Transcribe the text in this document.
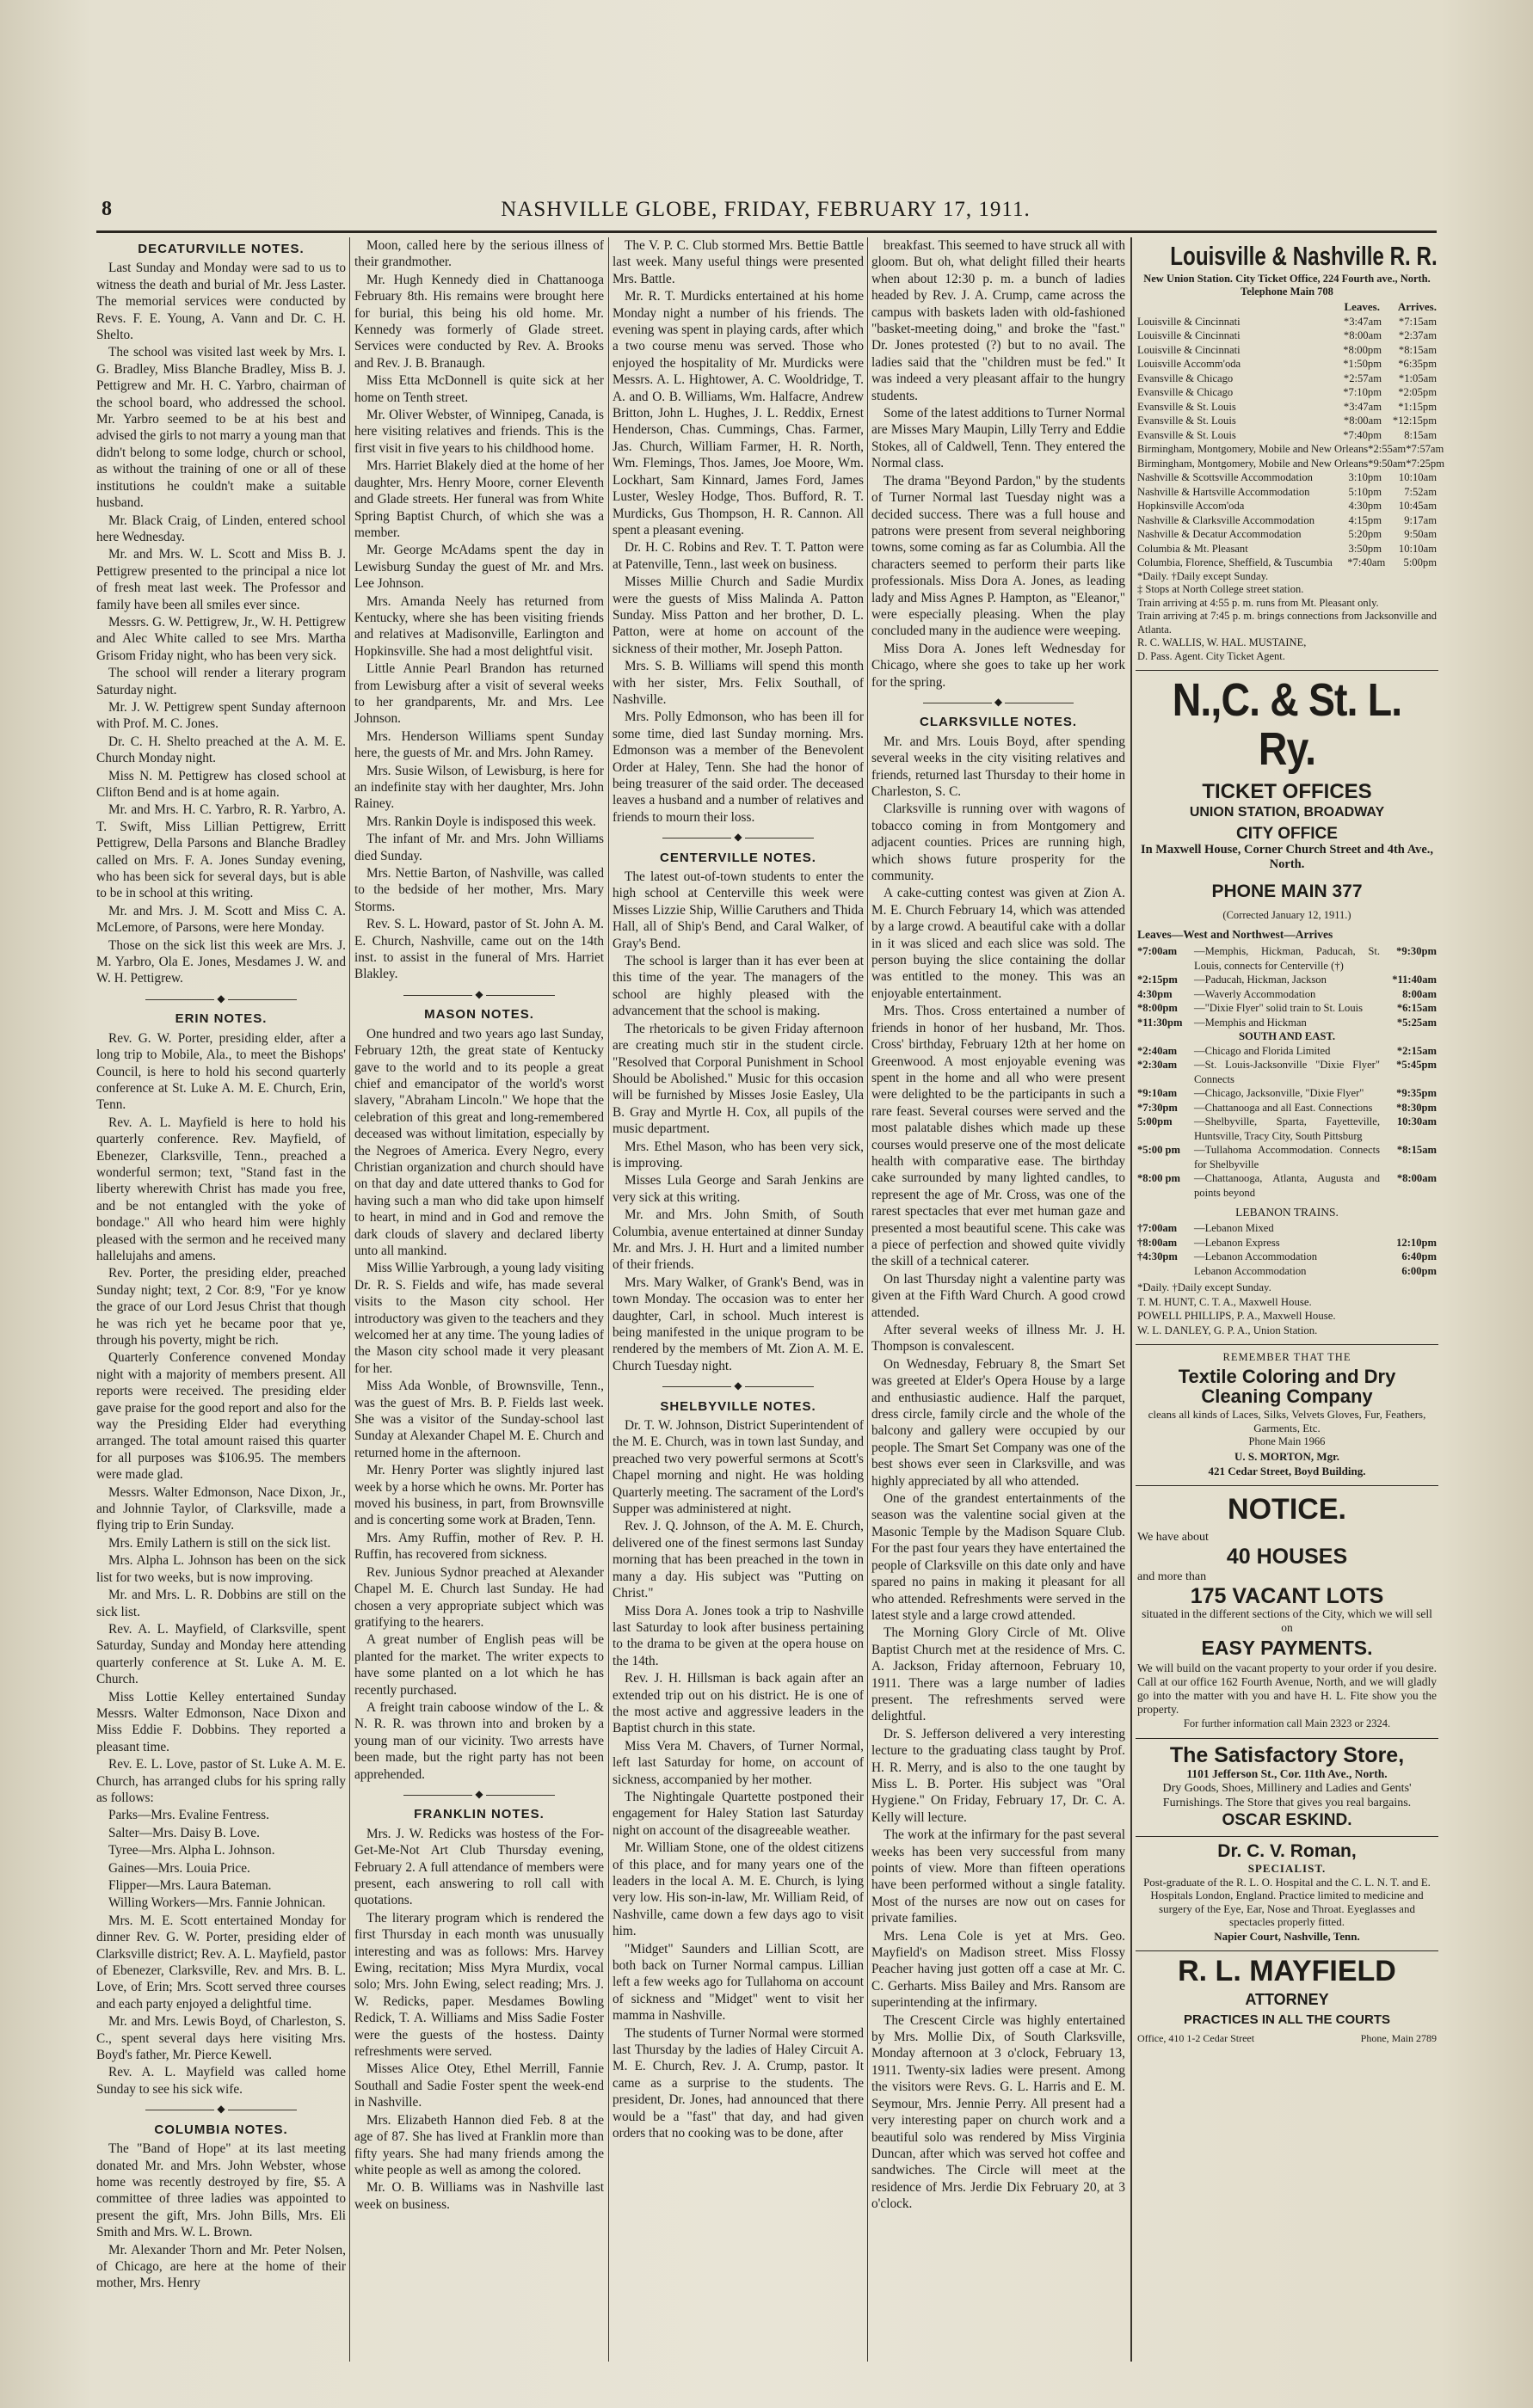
8	NASHVILLE GLOBE, FRIDAY, FEBRUARY 17, 1911.
DECATURVILLE NOTES.

Last Sunday and Monday were sad to us to witness the death and burial of Mr. Jess Laster. The memorial services were conducted by Revs. F. E. Young, A. Vann and Dr. C. H. Shelto.

The school was visited last week by Mrs. I. G. Bradley, Miss Blanche Bradley, Miss B. J. Pettigrew and Mr. H. C. Yarbro, chairman of the school board, who addressed the school. Mr. Yarbro seemed to be at his best and advised the girls to not marry a young man that didn't belong to some lodge, church or school, as without the training of one or all of these institutions he couldn't make a suitable husband.

Mr. Black Craig, of Linden, entered school here Wednesday.

Mr. and Mrs. W. L. Scott and Miss B. J. Pettigrew presented to the principal a nice lot of fresh meat last week. The Professor and family have been all smiles ever since.

Messrs. G. W. Pettigrew, Jr., W. H. Pettigrew and Alec White called to see Mrs. Martha Grisom Friday night, who has been very sick.

The school will render a literary program Saturday night.

Mr. J. W. Pettigrew spent Sunday afternoon with Prof. M. C. Jones.

Dr. C. H. Shelto preached at the A. M. E. Church Monday night.

Miss N. M. Pettigrew has closed school at Clifton Bend and is at home again.

Mr. and Mrs. H. C. Yarbro, R. R. Yarbro, A. T. Swift, Miss Lillian Pettigrew, Erritt Pettigrew, Della Parsons and Blanche Bradley called on Mrs. F. A. Jones Sunday evening, who has been sick for several days, but is able to be in school at this writing.

Mr. and Mrs. J. M. Scott and Miss C. A. McLemore, of Parsons, were here Monday.

Those on the sick list this week are Mrs. J. M. Yarbro, Ola E. Jones, Mesdames J. W. and W. H. Pettigrew.

◆
ERIN NOTES.

Rev. G. W. Porter, presiding elder, after a long trip to Mobile, Ala., to meet the Bishops' Council, is here to hold his second quarterly conference at St. Luke A. M. E. Church, Erin, Tenn.

Rev. A. L. Mayfield is here to hold his quarterly conference. Rev. Mayfield, of Ebenezer, Clarksville, Tenn., preached a wonderful sermon; text, "Stand fast in the liberty wherewith Christ has made you free, and be not entangled with the yoke of bondage." All who heard him were highly pleased with the sermon and he received many hallelujahs and amens.

Rev. Porter, the presiding elder, preached Sunday night; text, 2 Cor. 8:9, "For ye know the grace of our Lord Jesus Christ that though he was rich yet he became poor that ye, through his poverty, might be rich.

Quarterly Conference convened Monday night with a majority of members present. All reports were received. The presiding elder gave praise for the good report and also for the way the Presiding Elder had everything arranged. The total amount raised this quarter for all purposes was $106.95. The members were made glad.

Messrs. Walter Edmonson, Nace Dixon, Jr., and Johnnie Taylor, of Clarksville, made a flying trip to Erin Sunday.

Mrs. Emily Lathern is still on the sick list.

Mrs. Alpha L. Johnson has been on the sick list for two weeks, but is now improving.

Mr. and Mrs. L. R. Dobbins are still on the sick list.

Rev. A. L. Mayfield, of Clarksville, spent Saturday, Sunday and Monday here attending quarterly conference at St. Luke A. M. E. Church.

Miss Lottie Kelley entertained Sunday Messrs. Walter Edmonson, Nace Dixon and Miss Eddie F. Dobbins. They reported a pleasant time.

Rev. E. L. Love, pastor of St. Luke A. M. E. Church, has arranged clubs for his spring rally as follows:

Parks—Mrs. Evaline Fentress.

Salter—Mrs. Daisy B. Love.

Tyree—Mrs. Alpha L. Johnson.

Gaines—Mrs. Louia Price.

Flipper—Mrs. Laura Bateman.

Willing Workers—Mrs. Fannie Johnican.

Mrs. M. E. Scott entertained Monday for dinner Rev. G. W. Porter, presiding elder of Clarksville district; Rev. A. L. Mayfield, pastor of Ebenezer, Clarksville, Rev. and Mrs. B. L. Love, of Erin; Mrs. Scott served three courses and each party enjoyed a delightful time.

Mr. and Mrs. Lewis Boyd, of Charleston, S. C., spent several days here visiting Mrs. Boyd's father, Mr. Pierce Kewell.

Rev. A. L. Mayfield was called home Sunday to see his sick wife.

◆
COLUMBIA NOTES.

The "Band of Hope" at its last meeting donated Mr. and Mrs. John Webster, whose home was recently destroyed by fire, $5. A committee of three ladies was appointed to present the gift, Mrs. John Bills, Mrs. Eli Smith and Mrs. W. L. Brown.

Mr. Alexander Thorn and Mr. Peter Nolsen, of Chicago, are here at the home of their mother, Mrs. Henry

Moon, called here by the serious illness of their grandmother.

Mr. Hugh Kennedy died in Chattanooga February 8th. His remains were brought here for burial, this being his old home. Mr. Kennedy was formerly of Glade street. Services were conducted by Rev. A. Brooks and Rev. J. B. Branaugh.

Miss Etta McDonnell is quite sick at her home on Tenth street.

Mr. Oliver Webster, of Winnipeg, Canada, is here visiting relatives and friends. This is the first visit in five years to his childhood home.

Mrs. Harriet Blakely died at the home of her daughter, Mrs. Henry Moore, corner Eleventh and Glade streets. Her funeral was from White Spring Baptist Church, of which she was a member.

Mr. George McAdams spent the day in Lewisburg Sunday the guest of Mr. and Mrs. Lee Johnson.

Mrs. Amanda Neely has returned from Kentucky, where she has been visiting friends and relatives at Madisonville, Earlington and Hopkinsville. She had a most delightful visit.

Little Annie Pearl Brandon has returned from Lewisburg after a visit of several weeks to her grandparents, Mr. and Mrs. Lee Johnson.

Mrs. Henderson Williams spent Sunday here, the guests of Mr. and Mrs. John Ramey.

Mrs. Susie Wilson, of Lewisburg, is here for an indefinite stay with her daughter, Mrs. John Rainey.

Mrs. Rankin Doyle is indisposed this week.

The infant of Mr. and Mrs. John Williams died Sunday.

Mrs. Nettie Barton, of Nashville, was called to the bedside of her mother, Mrs. Mary Storms.

Rev. S. L. Howard, pastor of St. John A. M. E. Church, Nashville, came out on the 14th inst. to assist in the funeral of Mrs. Harriet Blakley.

◆
MASON NOTES.

One hundred and two years ago last Sunday, February 12th, the great state of Kentucky gave to the world and to its people a great chief and emancipator of the world's worst slavery, "Abraham Lincoln." We hope that the celebration of this great and long-remembered deceased was without limitation, especially by the Negroes of America. Every Negro, every Christian organization and church should have on that day and date uttered thanks to God for having such a man who did take upon himself to heart, in mind and in God and remove the dark clouds of slavery and declared liberty unto all mankind.

Miss Willie Yarbrough, a young lady visiting Dr. R. S. Fields and wife, has made several visits to the Mason city school. Her introductory was given to the teachers and they welcomed her at any time. The young ladies of the Mason city school made it very pleasant for her.

Miss Ada Wonble, of Brownsville, Tenn., was the guest of Mrs. B. P. Fields last week. She was a visitor of the Sunday-school last Sunday at Alexander Chapel M. E. Church and returned home in the afternoon.

Mr. Henry Porter was slightly injured last week by a horse which he owns. Mr. Porter has moved his business, in part, from Brownsville and is concerting some work at Braden, Tenn.

Mrs. Amy Ruffin, mother of Rev. P. H. Ruffin, has recovered from sickness.

Rev. Junious Sydnor preached at Alexander Chapel M. E. Church last Sunday. He had chosen a very appropriate subject which was gratifying to the hearers.

A great number of English peas will be planted for the market. The writer expects to have some planted on a lot which he has recently purchased.

A freight train caboose window of the L. & N. R. R. was thrown into and broken by a young man of our vicinity. Two arrests have been made, but the right party has not been apprehended.

◆
FRANKLIN NOTES.

Mrs. J. W. Redicks was hostess of the For-Get-Me-Not Art Club Thursday evening, February 2. A full attendance of members were present, each answering to roll call with quotations.

The literary program which is rendered the first Thursday in each month was unusually interesting and was as follows: Mrs. Harvey Ewing, recitation; Miss Myra Murdix, vocal solo; Mrs. John Ewing, select reading; Mrs. J. W. Redicks, paper. Mesdames Bowling Redick, T. A. Williams and Miss Sadie Foster were the guests of the hostess. Dainty refreshments were served.

Misses Alice Otey, Ethel Merrill, Fannie Southall and Sadie Foster spent the week-end in Nashville.

Mrs. Elizabeth Hannon died Feb. 8 at the age of 87. She has lived at Franklin more than fifty years. She had many friends among the white people as well as among the colored.

Mr. O. B. Williams was in Nashville last week on business.

The V. P. C. Club stormed Mrs. Bettie Battle last week. Many useful things were presented Mrs. Battle.

Mr. R. T. Murdicks entertained at his home Monday night a number of his friends. The evening was spent in playing cards, after which a two course menu was served. Those who enjoyed the hospitality of Mr. Murdicks were Messrs. A. L. Hightower, A. C. Wooldridge, T. A. and O. B. Williams, Wm. Halfacre, Andrew Britton, John L. Hughes, J. L. Reddix, Ernest Henderson, Chas. Cummings, Chas. Farmer, Jas. Church, William Farmer, H. R. North, Wm. Flemings, Thos. James, Joe Moore, Wm. Lockhart, Sam Kinnard, James Ford, James Luster, Wesley Hodge, Thos. Bufford, R. T. Murdicks, Gus Thompson, H. R. Cannon. All spent a pleasant evening.

Dr. H. C. Robins and Rev. T. T. Patton were at Patenville, Tenn., last week on business.

Misses Millie Church and Sadie Murdix were the guests of Miss Malinda A. Patton Sunday. Miss Patton and her brother, D. L. Patton, were at home on account of the sickness of their mother, Mr. Joseph Patton.

Mrs. S. B. Williams will spend this month with her sister, Mrs. Felix Southall, of Nashville.

Mrs. Polly Edmonson, who has been ill for some time, died last Sunday morning. Mrs. Edmonson was a member of the Benevolent Order at Haley, Tenn. She had the honor of being treasurer of the said order. The deceased leaves a husband and a number of relatives and friends to mourn their loss.

◆
CENTERVILLE NOTES.

The latest out-of-town students to enter the high school at Centerville this week were Misses Lizzie Ship, Willie Caruthers and Thida Hall, all of Ship's Bend, and Caral Walker, of Gray's Bend.

The school is larger than it has ever been at this time of the year. The managers of the school are highly pleased with the advancement that the school is making.

The rhetoricals to be given Friday afternoon are creating much stir in the student circle. "Resolved that Corporal Punishment in School Should be Abolished." Music for this occasion will be furnished by Misses Josie Easley, Ula B. Gray and Myrtle H. Cox, all pupils of the music department.

Mrs. Ethel Mason, who has been very sick, is improving.

Misses Lula George and Sarah Jenkins are very sick at this writing.

Mr. and Mrs. John Smith, of South Columbia, avenue entertained at dinner Sunday Mr. and Mrs. J. H. Hurt and a limited number of their friends.

Mrs. Mary Walker, of Grank's Bend, was in town Monday. The occasion was to enter her daughter, Carl, in school. Much interest is being manifested in the unique program to be rendered by the members of Mt. Zion A. M. E. Church Tuesday night.

◆
SHELBYVILLE NOTES.

Dr. T. W. Johnson, District Superintendent of the M. E. Church, was in town last Sunday, and preached two very powerful sermons at Scott's Chapel morning and night. He was holding Quarterly meeting. The sacrament of the Lord's Supper was administered at night.

Rev. J. Q. Johnson, of the A. M. E. Church, delivered one of the finest sermons last Sunday morning that has been preached in the town in many a day. His subject was "Putting on Christ."

Miss Dora A. Jones took a trip to Nashville last Saturday to look after business pertaining to the drama to be given at the opera house on the 14th.

Rev. J. H. Hillsman is back again after an extended trip out on his district. He is one of the most active and aggressive leaders in the Baptist church in this state.

Miss Vera M. Chavers, of Turner Normal, left last Saturday for home, on account of sickness, accompanied by her mother.

The Nightingale Quartette postponed their engagement for Haley Station last Saturday night on account of the disagreeable weather.

Mr. William Stone, one of the oldest citizens of this place, and for many years one of the leaders in the local A. M. E. Church, is lying very low. His son-in-law, Mr. William Reid, of Nashville, came down a few days ago to visit him.

"Midget" Saunders and Lillian Scott, are both back on Turner Normal campus. Lillian left a few weeks ago for Tullahoma on account of sickness and "Midget" went to visit her mamma in Nashville.

The students of Turner Normal were stormed last Thursday by the ladies of Haley Circuit A. M. E. Church, Rev. J. A. Crump, pastor. It came as a surprise to the students. The president, Dr. Jones, had announced that there would be a "fast" that day, and had given orders that no cooking was to be done, after

breakfast. This seemed to have struck all with gloom. But oh, what delight filled their hearts when about 12:30 p. m. a bunch of ladies headed by Rev. J. A. Crump, came across the campus with baskets laden with old-fashioned "basket-meeting doing," and broke the "fast." Dr. Jones protested (?) but to no avail. The ladies said that the "children must be fed." It was indeed a very pleasant affair to the hungry students.

Some of the latest additions to Turner Normal are Misses Mary Maupin, Lilly Terry and Eddie Stokes, all of Caldwell, Tenn. They entered the Normal class.

The drama "Beyond Pardon," by the students of Turner Normal last Tuesday night was a decided success. There was a full house and patrons were present from several neighboring towns, some coming as far as Columbia. All the characters seemed to perform their parts like professionals. Miss Dora A. Jones, as leading lady and Miss Agnes P. Hampton, as "Eleanor," were especially pleasing. When the play concluded many in the audience were weeping.

Miss Dora A. Jones left Wednesday for Chicago, where she goes to take up her work for the spring.

◆
CLARKSVILLE NOTES.

Mr. and Mrs. Louis Boyd, after spending several weeks in the city visiting relatives and friends, returned last Thursday to their home in Charleston, S. C.

Clarksville is running over with wagons of tobacco coming in from Montgomery and adjacent counties. Prices are running high, which shows future prosperity for the community.

A cake-cutting contest was given at Zion A. M. E. Church February 14, which was attended by a large crowd. A beautiful cake with a dollar in it was sliced and each slice was sold. The person buying the slice containing the dollar was entitled to the money. This was an enjoyable entertainment.

Mrs. Thos. Cross entertained a number of friends in honor of her husband, Mr. Thos. Cross' birthday, February 12th at her home on Greenwood. A most enjoyable evening was spent in the home and all who were present were delighted to be the participants in such a rare feast. Several courses were served and the most palatable dishes which made up these courses would preserve one of the most delicate health with comparative ease. The birthday cake surrounded by many lighted candles, to represent the age of Mr. Cross, was one of the rarest spectacles that ever met human gaze and presented a most beautiful scene. This cake was a piece of perfection and showed quite vividly the skill of a technical caterer.

On last Thursday night a valentine party was given at the Fifth Ward Church. A good crowd attended.

After several weeks of illness Mr. J. H. Thompson is convalescent.

On Wednesday, February 8, the Smart Set was greeted at Elder's Opera House by a large and enthusiastic audience. Half the parquet, dress circle, family circle and the whole of the balcony and gallery were occupied by our people. The Smart Set Company was one of the best shows ever seen in Clarksville, and was highly appreciated by all who attended.

One of the grandest entertainments of the season was the valentine social given at the Masonic Temple by the Madison Square Club. For the past four years they have entertained the people of Clarksville on this date only and have spared no pains in making it pleasant for all who attended. Refreshments were served in the latest style and a large crowd attended.

The Morning Glory Circle of Mt. Olive Baptist Church met at the residence of Mrs. C. A. Jackson, Friday afternoon, February 10, 1911. There was a large number of ladies present. The refreshments served were delightful.

Dr. S. Jefferson delivered a very interesting lecture to the graduating class taught by Prof. H. R. Merry, and is also to the one taught by Miss L. B. Porter. His subject was "Oral Hygiene." On Friday, February 17, Dr. C. A. Kelly will lecture.

The work at the infirmary for the past several weeks has been very successful from many points of view. More than fifteen operations have been performed without a single fatality. Most of the nurses are now out on cases for private families.

Mrs. Lena Cole is yet at Mrs. Geo. Mayfield's on Madison street. Miss Flossy Peacher having just gotten off a case at Mr. C. C. Gerharts. Miss Bailey and Mrs. Ransom are superintending at the infirmary.

The Crescent Circle was highly entertained by Mrs. Mollie Dix, of South Clarksville, Monday afternoon at 3 o'clock, February 13, 1911. Twenty-six ladies were present. Among the visitors were Revs. G. L. Harris and E. M. Seymour, Mrs. Jennie Perry. All present had a very interesting paper on church work and a beautiful solo was rendered by Miss Virginia Duncan, after which was served hot coffee and sandwiches. The Circle will meet at the residence of Mrs. Jerdie Dix February 20, at 3 o'clock.

Louisville & Nashville R. R.
New Union Station. City Ticket Office, 224 Fourth ave., North. Telephone Main 708
Leaves.	Arrives.
Louisville & Cincinnati	*3:47am	*7:15am
Louisville & Cincinnati	*8:00am	*2:37am
Louisville & Cincinnati	*8:00pm	*8:15am
Louisville Accomm'oda	*1:50pm	*6:35pm
Evansville & Chicago	*2:57am	*1:05am
Evansville & Chicago	*7:10pm	*2:05pm
Evansville & St. Louis	*3:47am	*1:15pm
Evansville & St. Louis	*8:00am	*12:15pm
Evansville & St. Louis	*7:40pm	8:15am
Birmingham, Montgomery, Mobile and New Orleans *2:55am *7:57am
Birmingham, Montgomery, Mobile and New Orleans *9:50am *7:25pm
Nashville & Scottsville Accommodation	3:10pm	10:10am
Nashville & Hartsville Accommodation	5:10pm	7:52am
Hopkinsville Accom'oda	4:30pm	10:45am
Nashville & Clarksville Accommodation	4:15pm	9:17am
Nashville & Decatur Accommodation	5:20pm	9:50am
Columbia & Mt. Pleasant	3:50pm	10:10am
Columbia, Florence, Sheffield, & Tuscumbia	*7:40am	5:00pm
*Daily. †Daily except Sunday.
‡ Stops at North College street station.
Train arriving at 4:55 p. m. runs from Mt. Pleasant only.
Train arriving at 7:45 p. m. brings connections from Jacksonville and Atlanta.
R. C. WALLIS, W. HAL. MUSTAINE,
D. Pass. Agent. City Ticket Agent.
N.,C. & St. L. Ry.
TICKET OFFICES
UNION STATION, BROADWAY
CITY OFFICE
In Maxwell House, Corner Church Street and 4th Ave., North.
PHONE MAIN 377
(Corrected January 12, 1911.)
Leaves—West and Northwest—Arrives
*7:00am	—Memphis, Hickman, Paducah, St. Louis, connects for Centerville (†)
*9:30pm
*2:15pm	—Paducah, Hickman, Jackson	*11:40am
4:30pm	—Waverly Accommodation	8:00am
*8:00pm	—"Dixie Flyer" solid train to St. Louis	*6:15am
*11:30pm	—Memphis and Hickman	*5:25am
SOUTH AND EAST.
*2:40am	—Chicago and Florida Limited	*2:15am
*2:30am	—St. Louis-Jacksonville "Dixie Flyer" Connects
*5:45pm
*9:10am	—Chicago, Jacksonville, "Dixie Flyer"	*9:35pm
*7:30pm	—Chattanooga and all East. Connections	*8:30pm
5:00pm	—Shelbyville, Sparta, Fayetteville, Huntsville, Tracy City, South Pittsburg
10:30am
*5:00 pm	—Tullahoma Accommodation. Connects for Shelbyville
*8:15am
*8:00 pm	—Chattanooga, Atlanta, Augusta and points beyond
*8:00am
LEBANON TRAINS.
†7:00am	—Lebanon Mixed
†8:00am	—Lebanon Express	12:10pm
†4:30pm	—Lebanon Accommodation	6:40pm
Lebanon Accommodation	6:00pm
*Daily. †Daily except Sunday.
T. M. HUNT, C. T. A., Maxwell House.
POWELL PHILLIPS, P. A., Maxwell House.
W. L. DANLEY, G. P. A., Union Station.
REMEMBER THAT THE
Textile Coloring and Dry Cleaning Company
cleans all kinds of Laces, Silks, Velvets Gloves, Fur, Feathers, Garments, Etc.
Phone Main 1966
U. S. MORTON, Mgr.
421 Cedar Street, Boyd Building.
NOTICE.
We have about
40 HOUSES
and more than
175 VACANT LOTS
situated in the different sections of the City, which we will sell on
EASY PAYMENTS.
We will build on the vacant property to your order if you desire. Call at our office 162 Fourth Avenue, North, and we will gladly go into the matter with you and have H. L. Fite show you the property.
For further information call Main 2323 or 2324.
The Satisfactory Store,
1101 Jefferson St., Cor. 11th Ave., North.
Dry Goods, Shoes, Millinery and Ladies and Gents' Furnishings. The Store that gives you real bargains.
OSCAR ESKIND.
Dr. C. V. Roman,
SPECIALIST.
Post-graduate of the R. L. O. Hospital and the C. L. N. T. and E. Hospitals London, England. Practice limited to medicine and surgery of the Eye, Ear, Nose and Throat. Eyeglasses and spectacles properly fitted.
Napier Court, Nashville, Tenn.
R. L. MAYFIELD
ATTORNEY
PRACTICES IN ALL THE COURTS
Office, 410 1-2 Cedar Street	Phone, Main 2789
